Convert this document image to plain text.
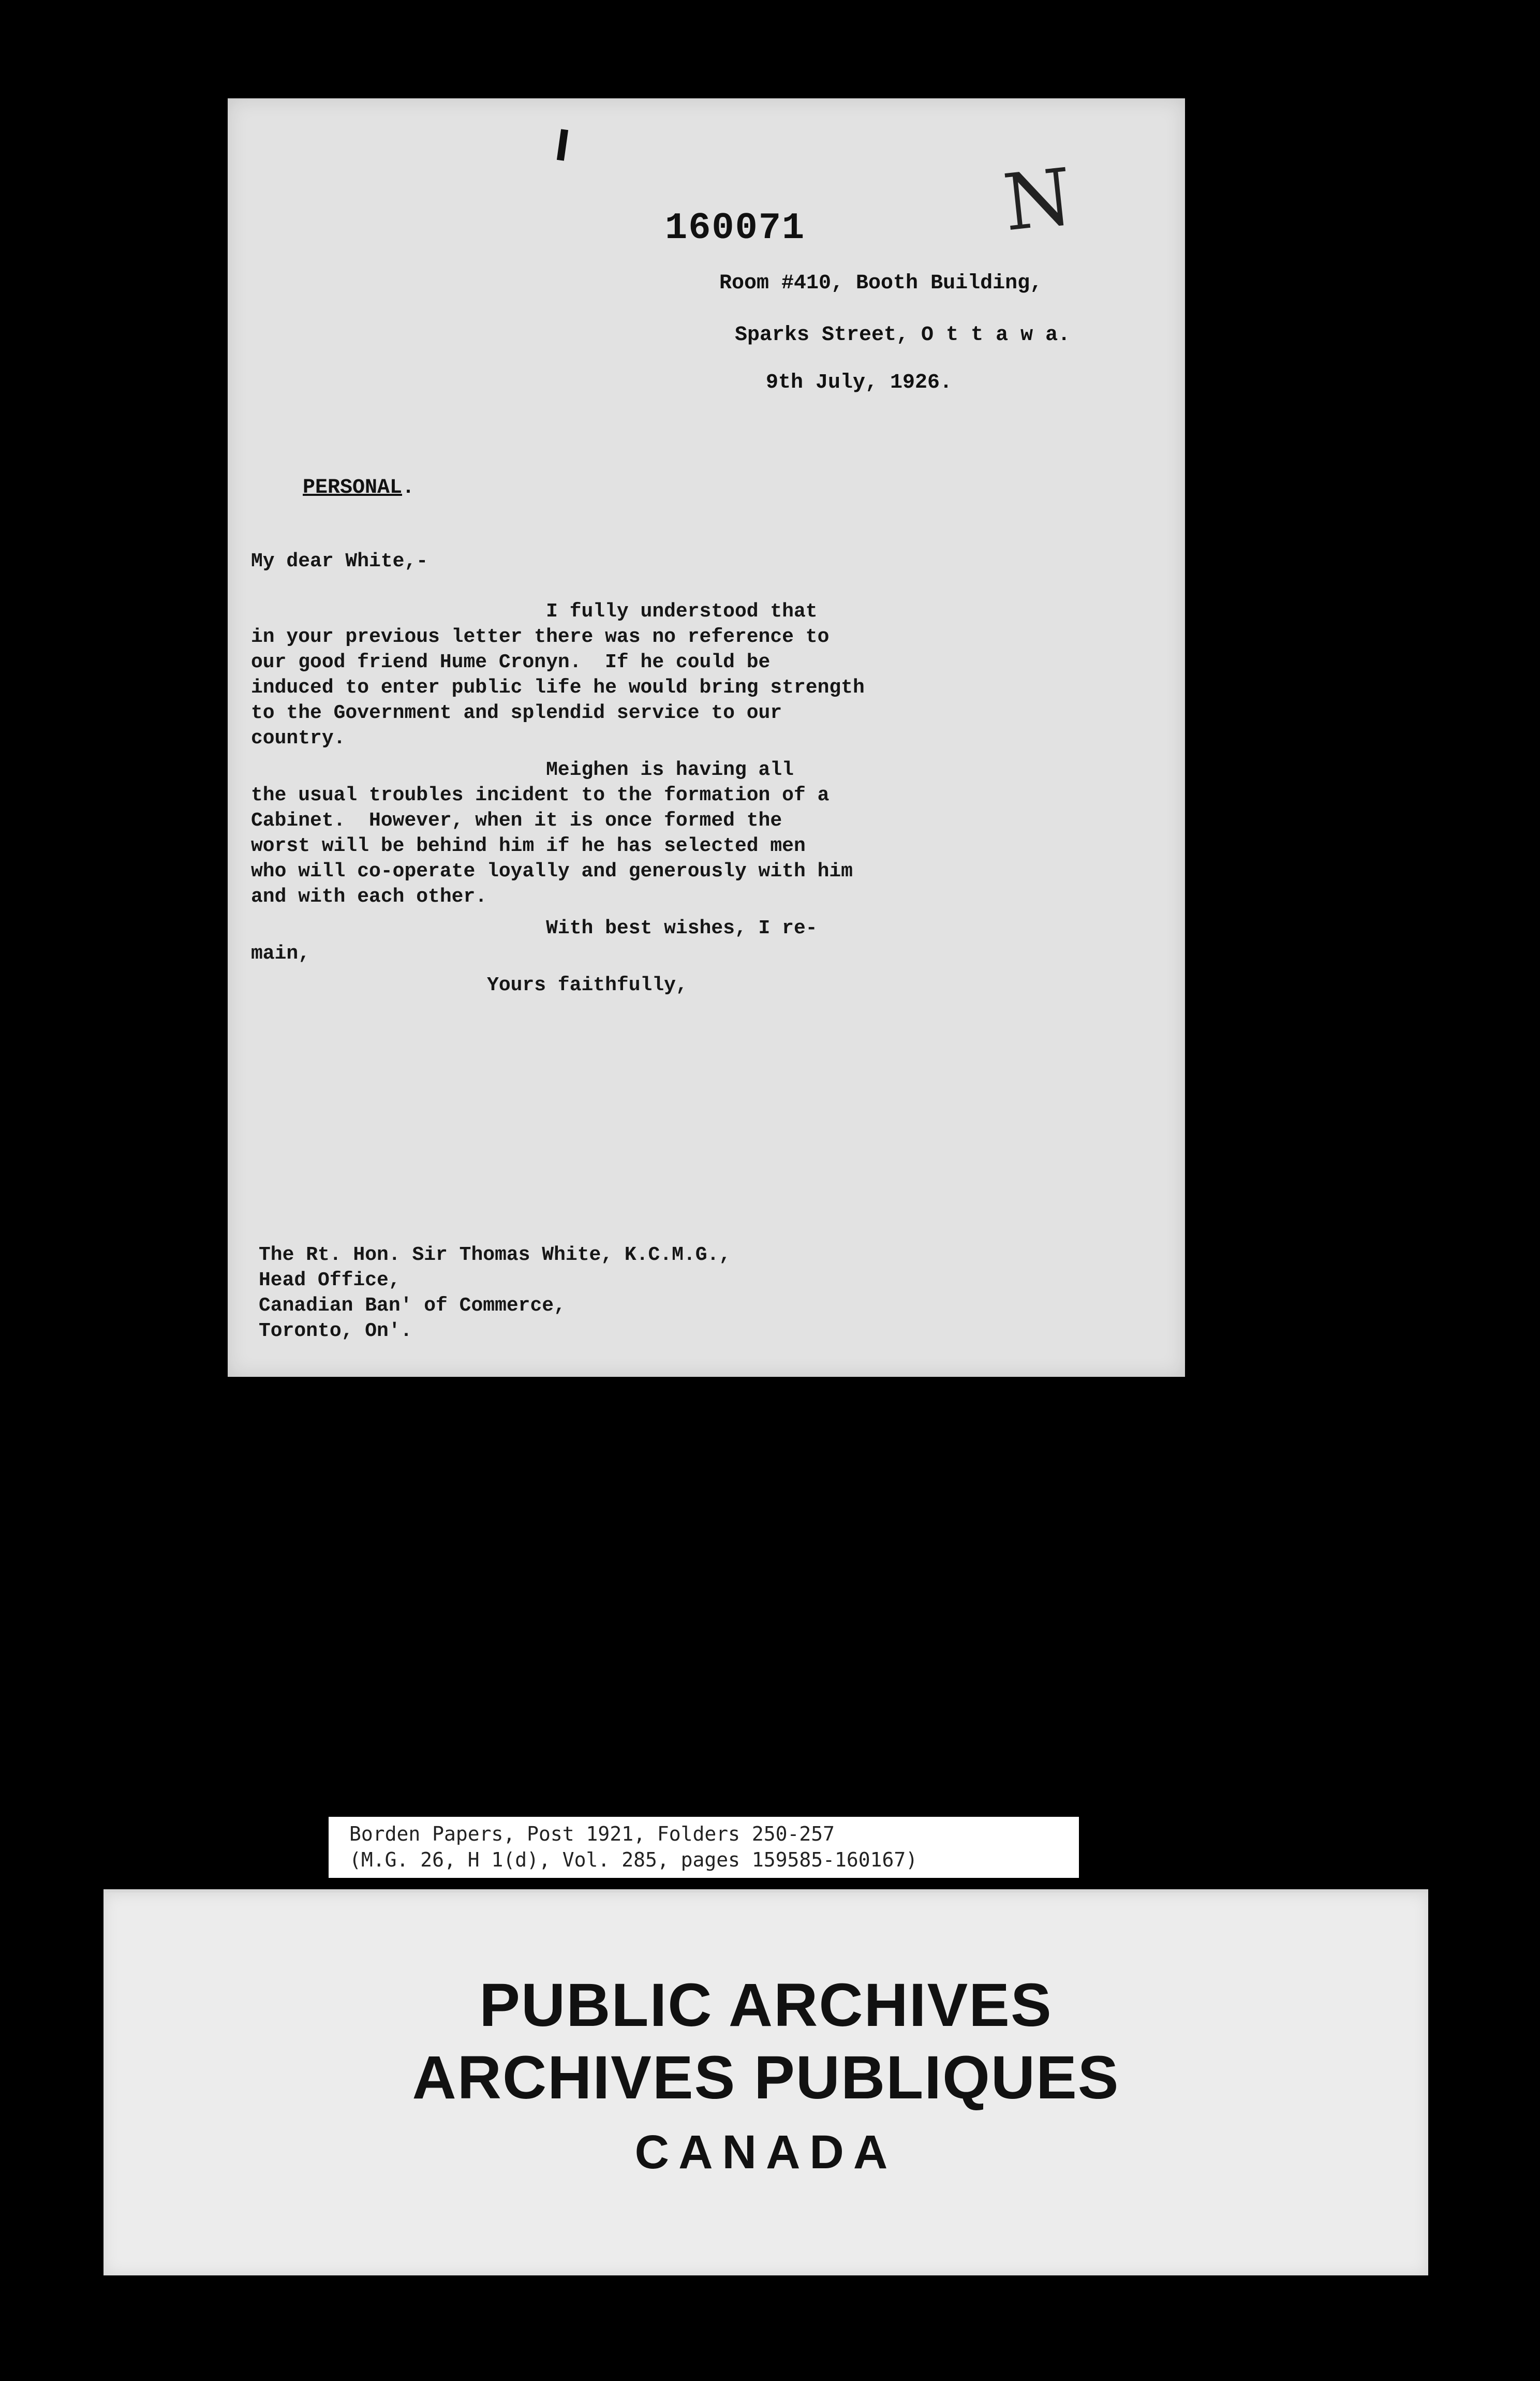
160071	N
Room #410, Booth Building,
Sparks Street, O t t a w a.
9th July, 1926.
PERSONAL.
My dear White,-
I fully understood that
in your previous letter there was no reference to
our good friend Hume Cronyn.  If he could be
induced to enter public life he would bring strength
to the Government and splendid service to our
country.
Meighen is having all
the usual troubles incident to the formation of a
Cabinet.  However, when it is once formed the
worst will be behind him if he has selected men
who will co-operate loyally and generously with him
and with each other.
With best wishes, I re-
main,
Yours faithfully,
The Rt. Hon. Sir Thomas White, K.C.M.G.,
Head Office,
Canadian Ban' of Commerce,
Toronto, On'.
Borden Papers, Post 1921, Folders 250-257
(M.G. 26, H 1(d), Vol. 285, pages 159585-160167)
PUBLIC ARCHIVES
ARCHIVES PUBLIQUES
CANADA
